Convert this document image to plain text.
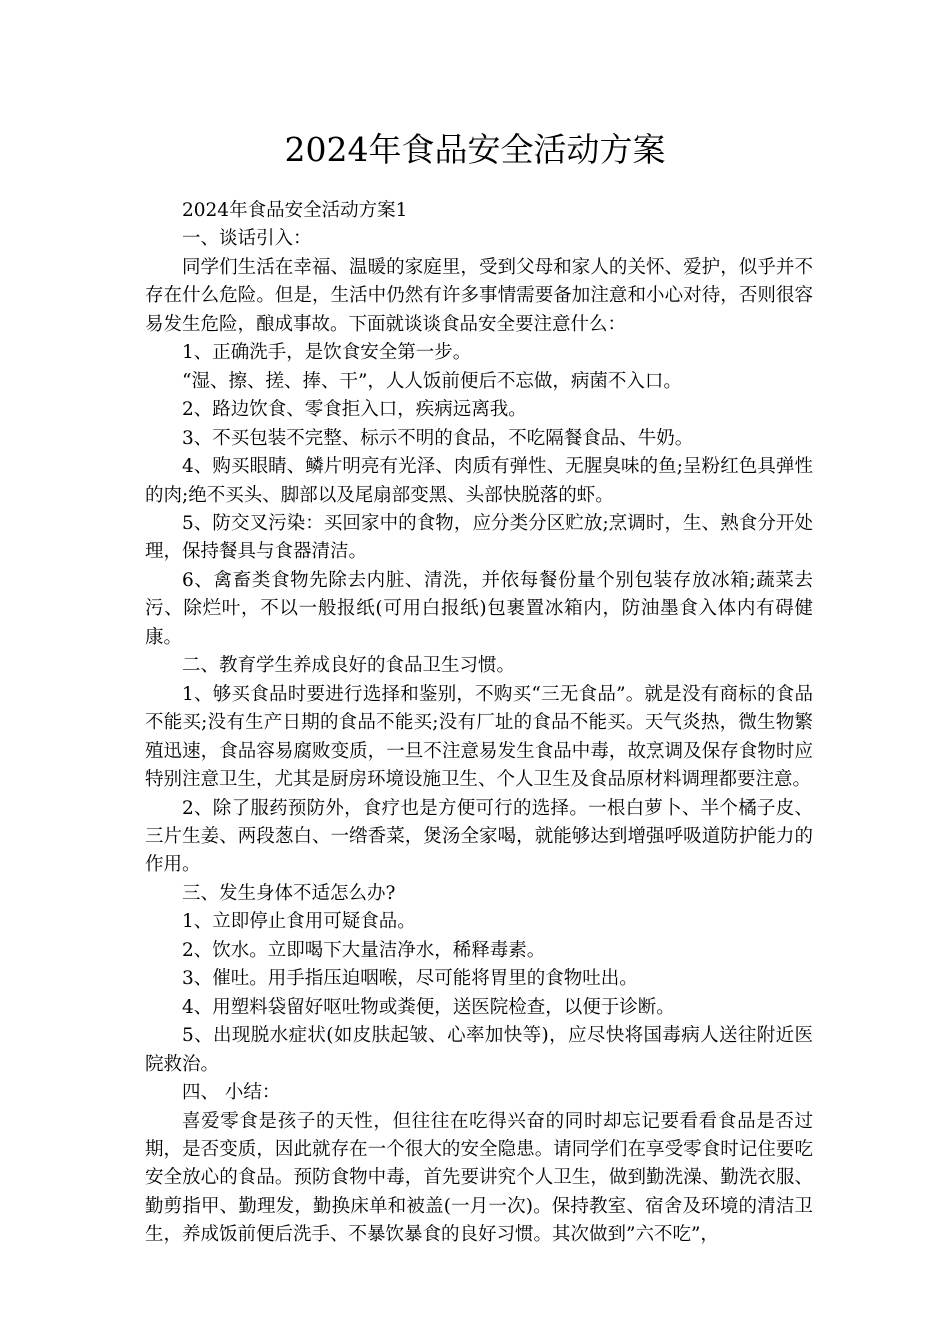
2024年食品安全活动方案

2024年食品安全活动方案1

一、谈话引入：

同学们生活在幸福、温暖的家庭里，受到父母和家人的关怀、爱护，似乎并不存在什么危险。但是，生活中仍然有许多事情需要备加注意和小心对待，否则很容易发生危险，酿成事故。下面就谈谈食品安全要注意什么：

1、正确洗手，是饮食安全第一步。

“湿、擦、搓、捧、干”，人人饭前便后不忘做，病菌不入口。

2、路边饮食、零食拒入口，疾病远离我。

3、不买包装不完整、标示不明的食品，不吃隔餐食品、牛奶。

4、购买眼睛、鳞片明亮有光泽、肉质有弹性、无腥臭味的鱼;呈粉红色具弹性的肉;绝不买头、脚部以及尾扇部变黑、头部快脱落的虾。

5、防交叉污染：买回家中的食物，应分类分区贮放;烹调时，生、熟食分开处理，保持餐具与食器清洁。

6、禽畜类食物先除去内脏、清洗，并依每餐份量个别包装存放冰箱;蔬菜去污、除烂叶，不以一般报纸(可用白报纸)包裹置冰箱内，防油墨食入体内有碍健康。

二、教育学生养成良好的食品卫生习惯。

1、够买食品时要进行选择和鉴别，不购买“三无食品”。就是没有商标的食品不能买;没有生产日期的食品不能买;没有厂址的食品不能买。天气炎热，微生物繁殖迅速，食品容易腐败变质，一旦不注意易发生食品中毒，故烹调及保存食物时应特别注意卫生，尤其是厨房环境设施卫生、个人卫生及食品原材料调理都要注意。

2、除了服药预防外，食疗也是方便可行的选择。一根白萝卜、半个橘子皮、三片生姜、两段葱白、一绺香菜，煲汤全家喝，就能够达到增强呼吸道防护能力的作用。

三、发生身体不适怎么办?

1、立即停止食用可疑食品。

2、饮水。立即喝下大量洁净水，稀释毒素。

3、催吐。用手指压迫咽喉，尽可能将胃里的食物吐出。

4、用塑料袋留好呕吐物或粪便，送医院检查，以便于诊断。

5、出现脱水症状(如皮肤起皱、心率加快等)，应尽快将国毒病人送往附近医院救治。

四、 小结：

喜爱零食是孩子的天性，但往往在吃得兴奋的同时却忘记要看看食品是否过期，是否变质，因此就存在一个很大的安全隐患。请同学们在享受零食时记住要吃安全放心的食品。预防食物中毒，首先要讲究个人卫生，做到勤洗澡、勤洗衣服、勤剪指甲、勤理发，勤换床单和被盖(一月一次)。保持教室、宿舍及环境的清洁卫生，养成饭前便后洗手、不暴饮暴食的良好习惯。其次做到”六不吃”，
